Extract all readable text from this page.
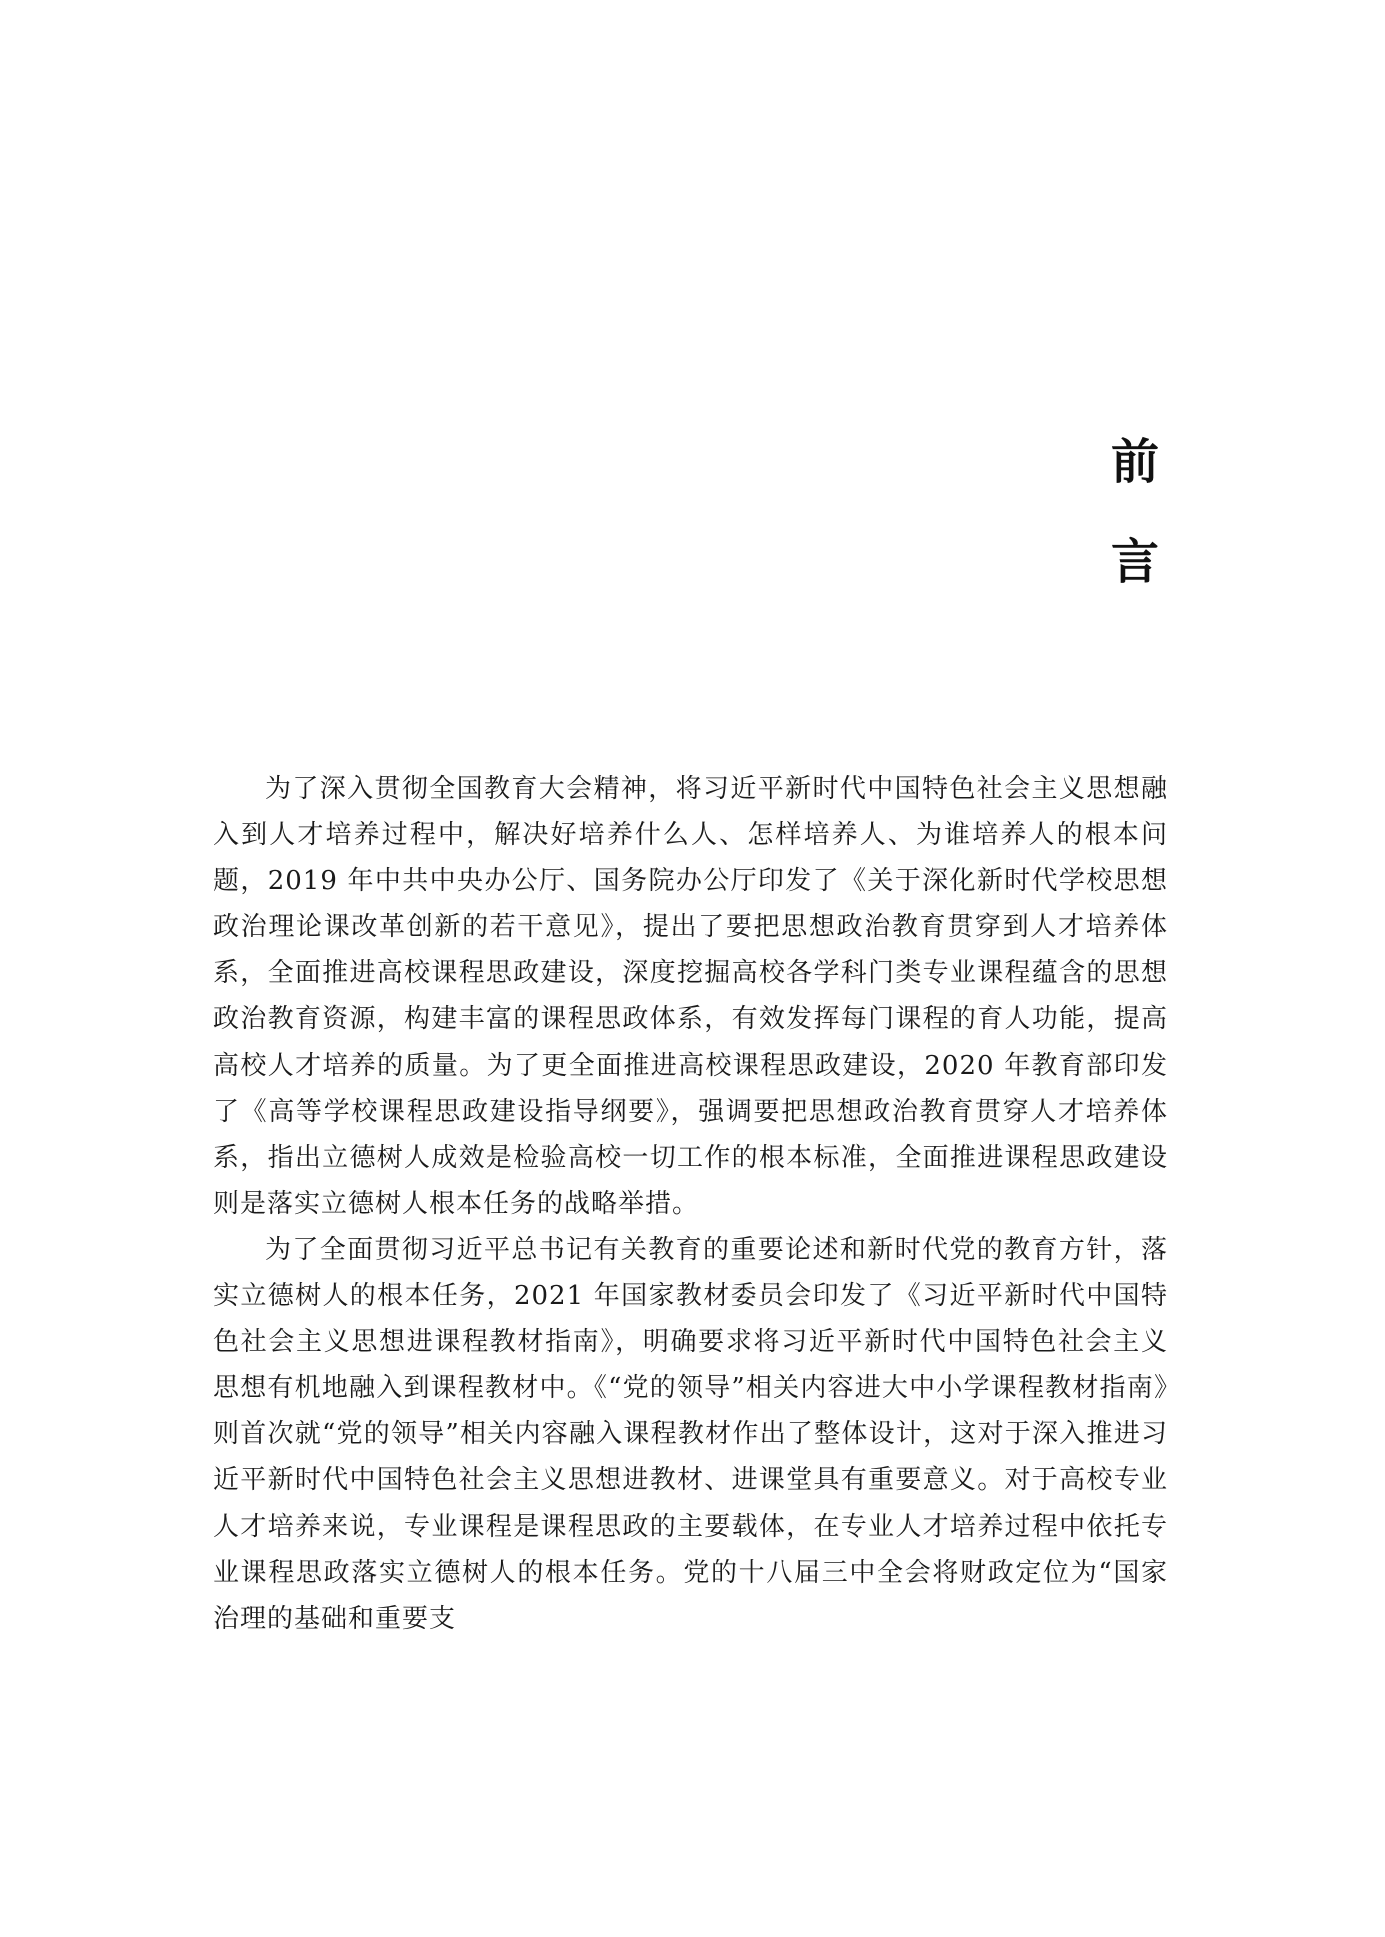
前
言

为了深入贯彻全国教育大会精神，将习近平新时代中国特色社会主义思想融入到人才培养过程中，解决好培养什么人、怎样培养人、为谁培养人的根本问题，2019 年中共中央办公厅、国务院办公厅印发了《关于深化新时代学校思想政治理论课改革创新的若干意见》，提出了要把思想政治教育贯穿到人才培养体系，全面推进高校课程思政建设，深度挖掘高校各学科门类专业课程蕴含的思想政治教育资源，构建丰富的课程思政体系，有效发挥每门课程的育人功能，提高高校人才培养的质量。为了更全面推进高校课程思政建设，2020 年教育部印发了《高等学校课程思政建设指导纲要》，强调要把思想政治教育贯穿人才培养体系，指出立德树人成效是检验高校一切工作的根本标准，全面推进课程思政建设则是落实立德树人根本任务的战略举措。

为了全面贯彻习近平总书记有关教育的重要论述和新时代党的教育方针，落实立德树人的根本任务，2021 年国家教材委员会印发了《习近平新时代中国特色社会主义思想进课程教材指南》，明确要求将习近平新时代中国特色社会主义思想有机地融入到课程教材中。《“党的领导”相关内容进大中小学课程教材指南》则首次就“党的领导”相关内容融入课程教材作出了整体设计，这对于深入推进习近平新时代中国特色社会主义思想进教材、进课堂具有重要意义。对于高校专业人才培养来说，专业课程是课程思政的主要载体，在专业人才培养过程中依托专业课程思政落实立德树人的根本任务。党的十八届三中全会将财政定位为“国家治理的基础和重要支
